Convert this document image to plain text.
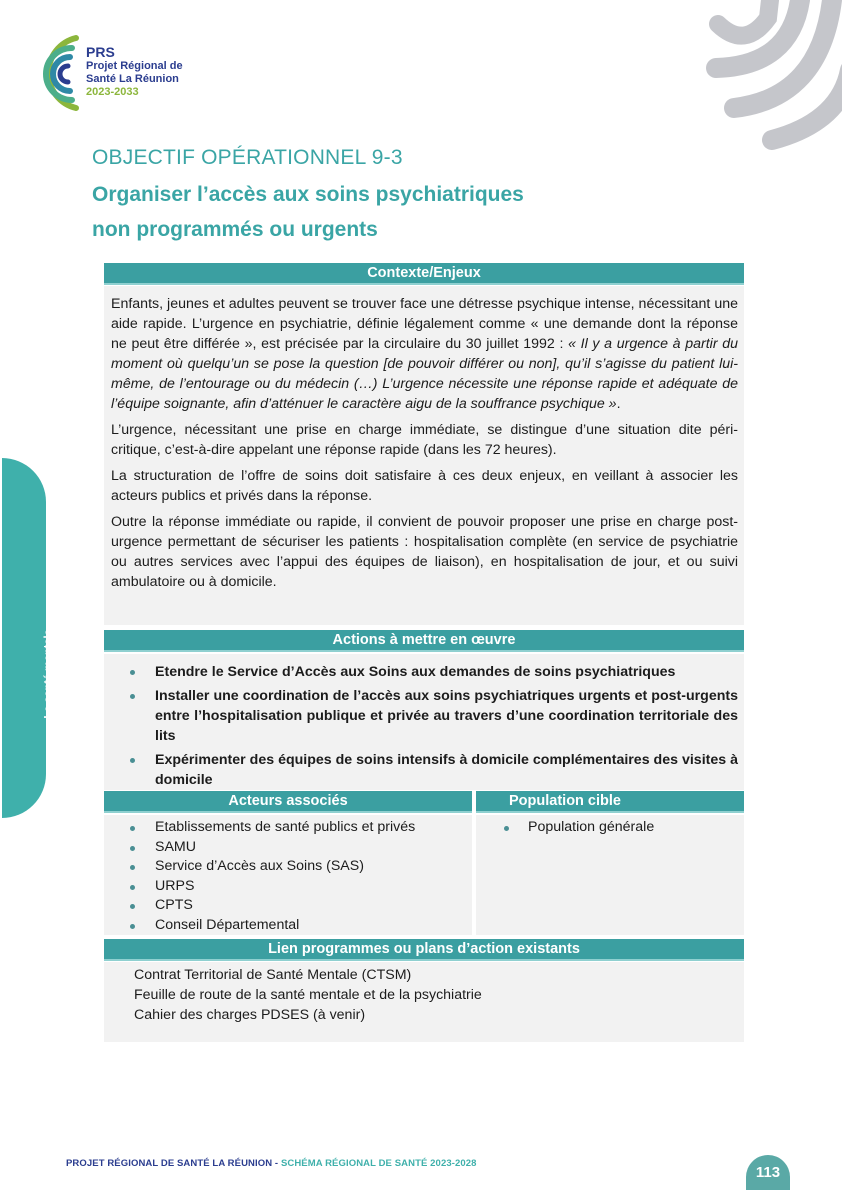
PRS
Projet Régional de
Santé La Réunion
2023-2033
OBJECTIF OPÉRATIONNEL 9-3
Organiser l’accès aux soins psychiatriques
non programmés ou urgents
La santé mentale
Contexte/Enjeux

Enfants, jeunes et adultes peuvent se trouver face une détresse psychique intense, nécessitant une aide rapide. L’urgence en psychiatrie, définie légalement comme « une demande dont la réponse ne peut être différée », est précisée par la circulaire du 30 juillet 1992 : « Il y a urgence à partir du moment où quelqu’un se pose la question [de pouvoir différer ou non], qu’il s’agisse du patient lui-même, de l’entourage ou du médecin (…) L’urgence nécessite une réponse rapide et adéquate de l’équipe soignante, afin d’atténuer le caractère aigu de la souffrance psychique ».

L’urgence, nécessitant une prise en charge immédiate, se distingue d’une situation dite péri-critique, c’est-à-dire appelant une réponse rapide (dans les 72 heures).

La structuration de l’offre de soins doit satisfaire à ces deux enjeux, en veillant à associer les acteurs publics et privés dans la réponse.

Outre la réponse immédiate ou rapide, il convient de pouvoir proposer une prise en charge post-urgence permettant de sécuriser les patients : hospitalisation complète (en service de psychiatrie ou autres services avec l’appui des équipes de liaison), en hospitalisation de jour, et ou suivi ambulatoire ou à domicile.

Actions à mettre en œuvre
Etendre le Service d’Accès aux Soins aux demandes de soins psychiatriques
Installer une coordination de l’accès aux soins psychiatriques urgents et post-urgents entre l’hospitalisation publique et privée au travers d’une coordination territoriale des lits
Expérimenter des équipes de soins intensifs à domicile complémentaires des visites à domicile
Acteurs associés	Population cible
Etablissements de santé publics et privés
SAMU
Service d’Accès aux Soins (SAS)
URPS
CPTS
Conseil Départemental
Population générale
Lien programmes ou plans d’action existants
Contrat Territorial de Santé Mentale (CTSM)
Feuille de route de la santé mentale et de la psychiatrie
Cahier des charges PDSES (à venir)
PROJET RÉGIONAL DE SANTÉ LA RÉUNION - SCHÉMA RÉGIONAL DE SANTÉ 2023-2028
113
